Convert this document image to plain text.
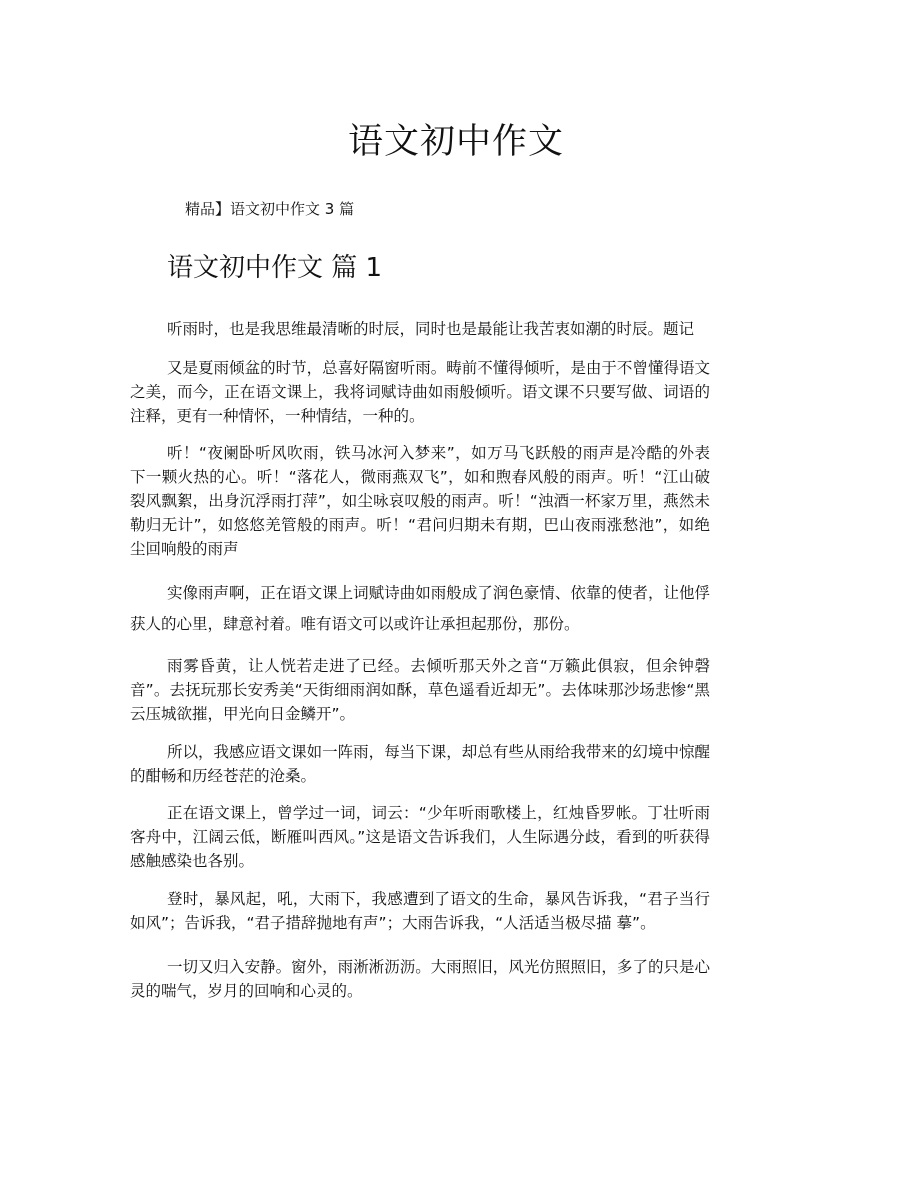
语文初中作文

精品】语文初中作文 3 篇

语文初中作文 篇 1

听雨时，也是我思维最清晰的时辰，同时也是最能让我苦衷如潮的时辰。题记

又是夏雨倾盆的时节，总喜好隔窗听雨。畴前不懂得倾听，是由于不曾懂得语文之美，而今，正在语文课上，我将词赋诗曲如雨般倾听。语文课不只要写做、词语的注释，更有一种情怀，一种情结，一种的。

听！“夜阑卧听风吹雨，铁马冰河入梦来”，如万马飞跃般的雨声是冷酷的外表下一颗火热的心。听！“落花人，微雨燕双飞”，如和煦春风般的雨声。听！“江山破裂风飘絮，出身沉浮雨打萍”，如尘咏哀叹般的雨声。听！“浊酒一杯家万里，燕然未勒归无计”，如悠悠羌管般的雨声。听！“君问归期未有期，巴山夜雨涨愁池”，如绝尘回响般的雨声

实像雨声啊，正在语文课上词赋诗曲如雨般成了润色豪情、依靠的使者，让他俘获人的心里，肆意衬着。唯有语文可以或许让承担起那份，那份。

雨雾昏黄，让人恍若走进了已经。去倾听那天外之音“万籁此俱寂，但余钟磬音”。去抚玩那长安秀美“天街细雨润如酥，草色遥看近却无”。去体味那沙场悲惨“黑云压城欲摧，甲光向日金鳞开”。

所以，我感应语文课如一阵雨，每当下课，却总有些从雨给我带来的幻境中惊醒的酣畅和历经苍茫的沧桑。

正在语文课上，曾学过一词，词云：“少年听雨歌楼上，红烛昏罗帐。丁壮听雨客舟中，江阔云低，断雁叫西风。”这是语文告诉我们，人生际遇分歧，看到的听获得感触感染也各别。

登时，暴风起，吼，大雨下，我感遭到了语文的生命，暴风告诉我，“君子当行如风”；告诉我，“君子措辞抛地有声”；大雨告诉我，“人活适当极尽描 摹”。

一切又归入安静。窗外，雨淅淅沥沥。大雨照旧，风光仿照照旧，多了的只是心灵的喘气，岁月的回响和心灵的。
